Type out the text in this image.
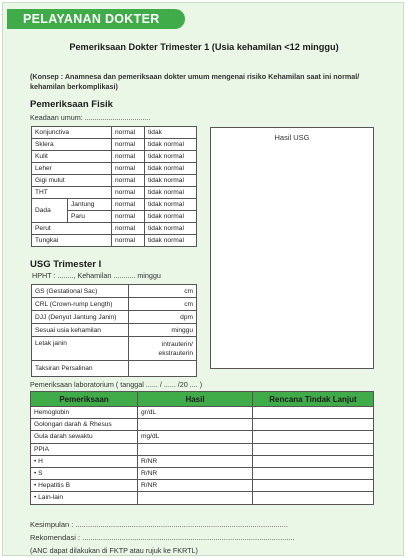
PELAYANAN DOKTER
Pemeriksaan Dokter Trimester 1 (Usia kehamilan <12 minggu)
(Konsep : Anamnesa dan pemeriksaan dokter umum mengenai risiko Kehamilan saat ini normal/ kehamilan berkomplikasi)
Pemeriksaan Fisik
Keadaan umum: .................................
Konjunctiva		normal	tidak
Sklera		normal	tidak normal
Kulit		normal	tidak normal
Leher		normal	tidak normal
Gigi mulut		normal	tidak normal
THT		normal	tidak normal
Dada	Jantung	normal	tidak normal
	Paru	normal	tidak normal
Perut		normal	tidak normal
Tungkai		normal	tidak normal
Hasil USG
USG Trimester I
HPHT : ........, Kehamilan ........... minggu
GS (Gestational Sac)	cm
CRL (Crown-rump Length)	cm
DJJ (Denyut Jantung Janin)	dpm
Sesuai usia kehamilan	minggu
Letak janin	intrauterin/ ekstrauterin
Taksiran Persalinan	
Pemeriksaan laboratorium ( tanggal ...... / ...... /20 .... )
Pemeriksaan	Hasil	Rencana Tindak Lanjut
Hemoglobin	gr/dL	
Golongan darah & Rhesus		
Gula darah sewaktu	mg/dL	
PPIA		
• H	R/NR	
• S	R/NR	
• Hepatitis B	R/NR	
• Lain-lain		
Kesimpulan : ......................................................................................................
Rekomendasi : ......................................................................................................
(ANC dapat dilakukan di FKTP atau rujuk ke FKRTL)
